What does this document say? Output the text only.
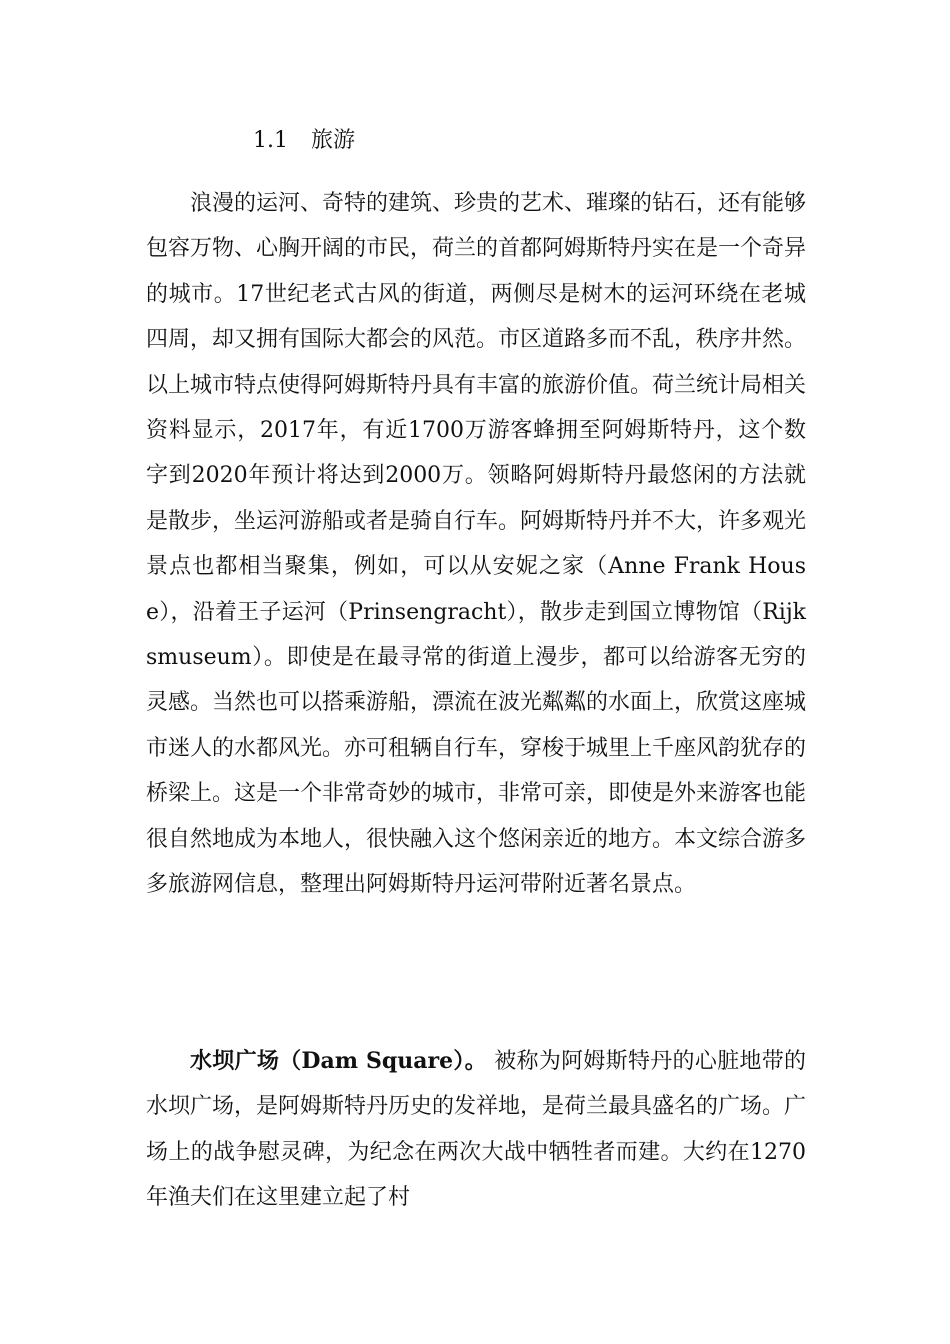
1.1 旅游

浪漫的运河、奇特的建筑、珍贵的艺术、璀璨的钻石，还有能够包容万物、心胸开阔的市民，荷兰的首都阿姆斯特丹实在是一个奇异的城市。17世纪老式古风的街道，两侧尽是树木的运河环绕在老城四周，却又拥有国际大都会的风范。市区道路多而不乱，秩序井然。以上城市特点使得阿姆斯特丹具有丰富的旅游价值。荷兰统计局相关资料显示，2017年，有近1700万游客蜂拥至阿姆斯特丹，这个数字到2020年预计将达到2000万。领略阿姆斯特丹最悠闲的方法就是散步，坐运河游船或者是骑自行车。阿姆斯特丹并不大，许多观光景点也都相当聚集，例如，可以从安妮之家（Anne Frank House），沿着王子运河（Prinsengracht），散步走到国立博物馆（Rijksmuseum）。即使是在最寻常的街道上漫步，都可以给游客无穷的灵感。当然也可以搭乘游船，漂流在波光粼粼的水面上，欣赏这座城市迷人的水都风光。亦可租辆自行车，穿梭于城里上千座风韵犹存的桥梁上。这是一个非常奇妙的城市，非常可亲，即使是外来游客也能很自然地成为本地人，很快融入这个悠闲亲近的地方。本文综合游多多旅游网信息，整理出阿姆斯特丹运河带附近著名景点。

水坝广场（Dam Square）。 被称为阿姆斯特丹的心脏地带的水坝广场，是阿姆斯特丹历史的发祥地，是荷兰最具盛名的广场。广场上的战争慰灵碑，为纪念在两次大战中牺牲者而建。大约在1270年渔夫们在这里建立起了村
